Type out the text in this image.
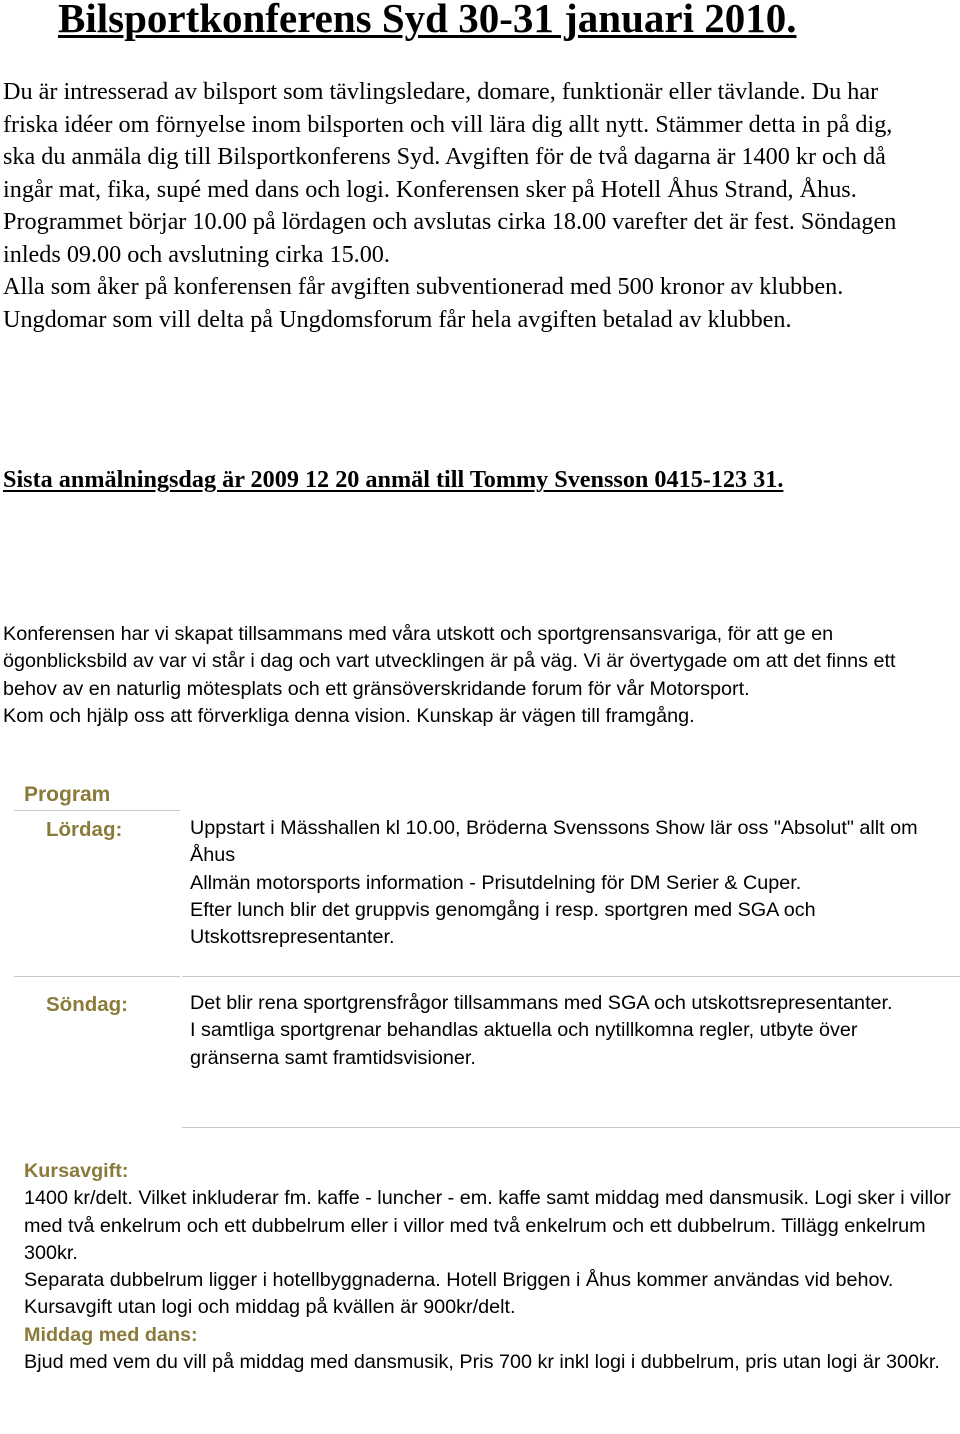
Bilsportkonferens Syd 30-31 januari 2010.

Du är intresserad av bilsport som tävlingsledare, domare, funktionär eller tävlande. Du har friska idéer om förnyelse inom bilsporten och vill lära dig allt nytt. Stämmer detta in på dig, ska du anmäla dig till Bilsportkonferens Syd. Avgiften för de två dagarna är 1400 kr och då ingår mat, fika, supé med dans och logi. Konferensen sker på Hotell Åhus Strand, Åhus. Programmet börjar 10.00 på lördagen och avslutas cirka 18.00 varefter det är fest. Söndagen inleds 09.00 och avslutning cirka 15.00.

Alla som åker på konferensen får avgiften subventionerad med 500 kronor av klubben.

Ungdomar som vill delta på Ungdomsforum får hela avgiften betalad av klubben.

Sista anmälningsdag är 2009 12 20 anmäl till Tommy Svensson 0415-123 31.

Konferensen har vi skapat tillsammans med våra utskott och sportgrensansvariga, för att ge en ögonblicksbild av var vi står i dag och vart utvecklingen är på väg. Vi är övertygade om att det finns ett behov av en naturlig mötesplats och ett gränsöverskridande forum för vår Motorsport.

Kom och hjälp oss att förverkliga denna vision. Kunskap är vägen till framgång.

Program
Lördag:	Uppstart i Mässhallen kl 10.00, Bröderna Svenssons Show lär oss "Absolut" allt om Åhus

Allmän motorsports information - Prisutdelning för DM Serier & Cuper.

Efter lunch blir det gruppvis genomgång i resp. sportgren med SGA och Utskottsrepresentanter.

Söndag:	Det blir rena sportgrensfrågor tillsammans med SGA och utskottsrepresentanter.

I samtliga sportgrenar behandlas aktuella och nytillkomna regler, utbyte över gränserna samt framtidsvisioner.

Kursavgift:

1400 kr/delt. Vilket inkluderar fm. kaffe - luncher - em. kaffe samt middag med dansmusik. Logi sker i villor med två enkelrum och ett dubbelrum eller i villor med två enkelrum och ett dubbelrum. Tillägg enkelrum 300kr.

Separata dubbelrum ligger i hotellbyggnaderna. Hotell Briggen i Åhus kommer användas vid behov.

Kursavgift utan logi och middag på kvällen är 900kr/delt.

Middag med dans:

Bjud med vem du vill på middag med dansmusik, Pris 700 kr inkl logi i dubbelrum, pris utan logi är 300kr.
